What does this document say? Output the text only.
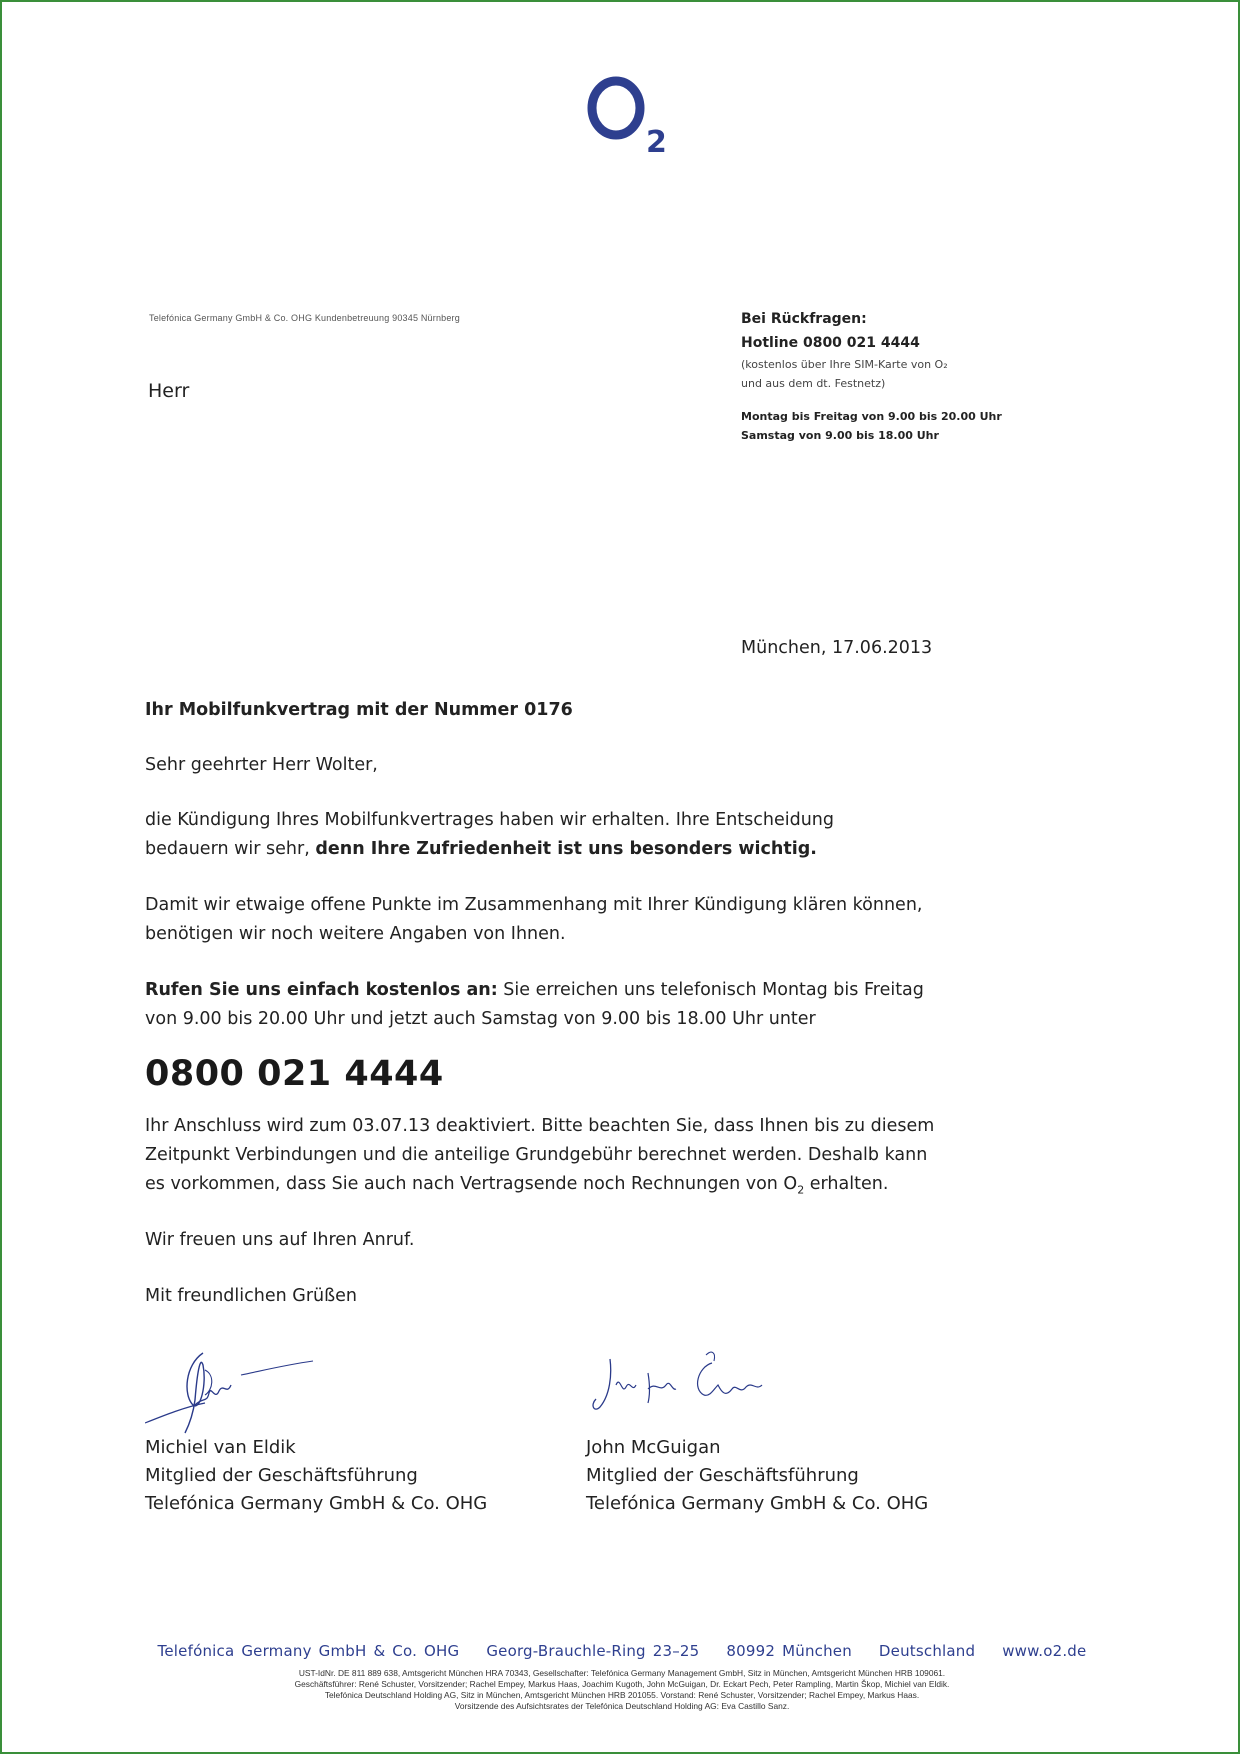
2
Telefónica Germany GmbH & Co. OHG Kundenbetreuung 90345 Nürnberg
Herr
Bei Rückfragen:
Hotline 0800 021 4444
(kostenlos über Ihre SIM-Karte von O₂
und aus dem dt. Festnetz)
Montag bis Freitag von 9.00 bis 20.00 Uhr
Samstag von 9.00 bis 18.00 Uhr
München, 17.06.2013

Ihr Mobilfunkvertrag mit der Nummer 0176

Sehr geehrter Herr Wolter,

die Kündigung Ihres Mobilfunkvertrages haben wir erhalten. Ihre Entscheidung
bedauern wir sehr, denn Ihre Zufriedenheit ist uns besonders wichtig.
Damit wir etwaige offene Punkte im Zusammenhang mit Ihrer Kündigung klären können,
benötigen wir noch weitere Angaben von Ihnen.
Rufen Sie uns einfach kostenlos an: Sie erreichen uns telefonisch Montag bis Freitag
von 9.00 bis 20.00 Uhr und jetzt auch Samstag von 9.00 bis 18.00 Uhr unter
0800 021 4444
Ihr Anschluss wird zum 03.07.13 deaktiviert. Bitte beachten Sie, dass Ihnen bis zu diesem
Zeitpunkt Verbindungen und die anteilige Grundgebühr berechnet werden. Deshalb kann
es vorkommen, dass Sie auch nach Vertragsende noch Rechnungen von $O_2$ erhalten.

Wir freuen uns auf Ihren Anruf.

Mit freundlichen Grüßen

Michiel van Eldik
Mitglied der Geschäftsführung
Telefónica Germany GmbH & Co. OHG
John McGuigan
Mitglied der Geschäftsführung
Telefónica Germany GmbH & Co. OHG
Telefónica Germany GmbH & Co. OHG Georg-Brauchle-Ring 23–25 80992 München Deutschland www.o2.de
UST-IdNr. DE 811 889 638, Amtsgericht München HRA 70343, Gesellschafter: Telefónica Germany Management GmbH, Sitz in München, Amtsgericht München HRB 109061.
Geschäftsführer: René Schuster, Vorsitzender; Rachel Empey, Markus Haas, Joachim Kugoth, John McGuigan, Dr. Eckart Pech, Peter Rampling, Martin Škop, Michiel van Eldik.
Telefónica Deutschland Holding AG, Sitz in München, Amtsgericht München HRB 201055. Vorstand: René Schuster, Vorsitzender; Rachel Empey, Markus Haas.
Vorsitzende des Aufsichtsrates der Telefónica Deutschland Holding AG: Eva Castillo Sanz.
